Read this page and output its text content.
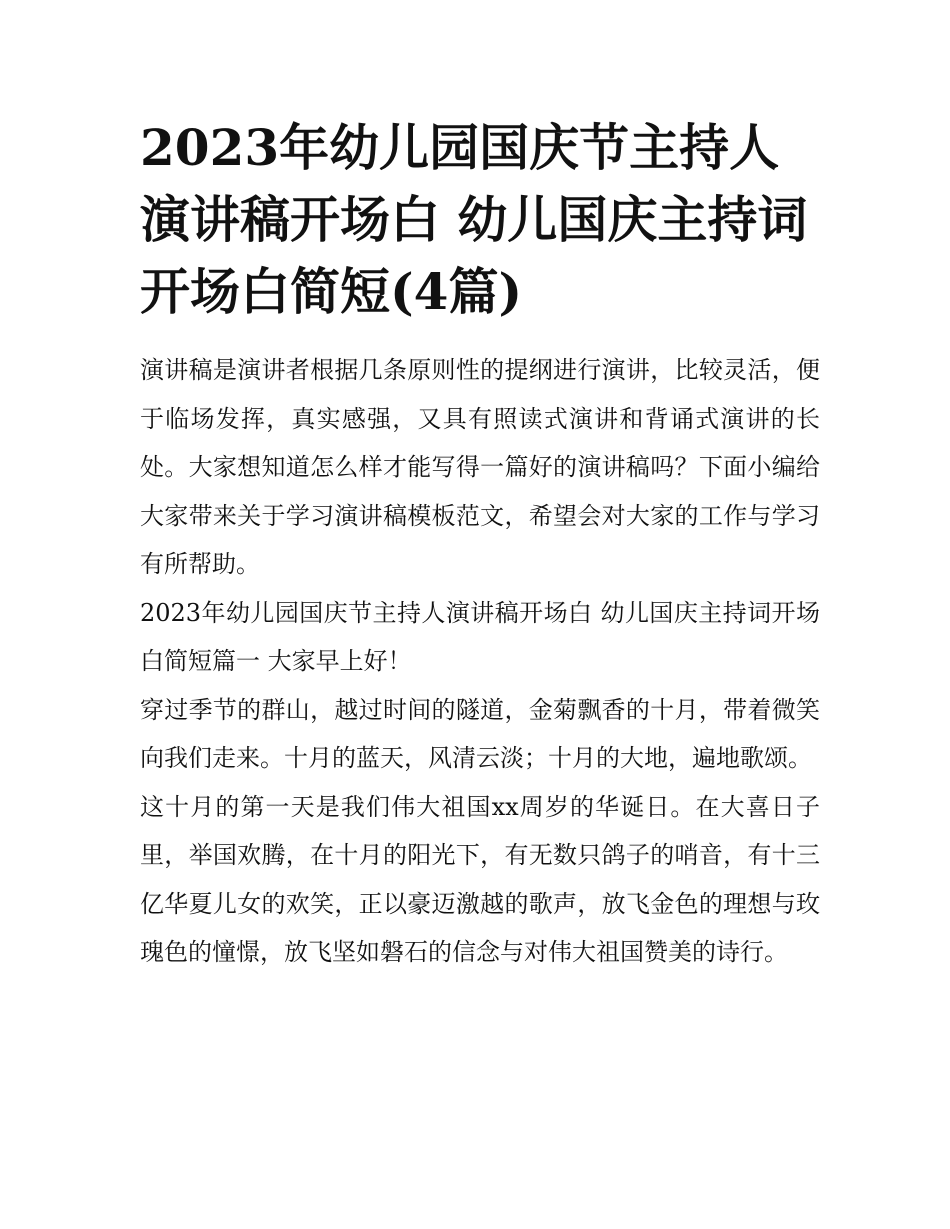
2023年幼儿园国庆节主持人演讲稿开场白 幼儿国庆主持词开场白简短(4篇)

演讲稿是演讲者根据几条原则性的提纲进行演讲，比较灵活，便于临场发挥，真实感强，又具有照读式演讲和背诵式演讲的长处。大家想知道怎么样才能写得一篇好的演讲稿吗？下面小编给大家带来关于学习演讲稿模板范文，希望会对大家的工作与学习有所帮助。

2023年幼儿园国庆节主持人演讲稿开场白 幼儿国庆主持词开场白简短篇一 大家早上好！

穿过季节的群山，越过时间的隧道，金菊飘香的十月，带着微笑向我们走来。十月的蓝天，风清云淡；十月的大地，遍地歌颂。

这十月的第一天是我们伟大祖国xx周岁的华诞日。在大喜日子里，举国欢腾，在十月的阳光下，有无数只鸽子的哨音，有十三亿华夏儿女的欢笑，正以豪迈激越的歌声，放飞金色的理想与玫瑰色的憧憬，放飞坚如磐石的信念与对伟大祖国赞美的诗行。
